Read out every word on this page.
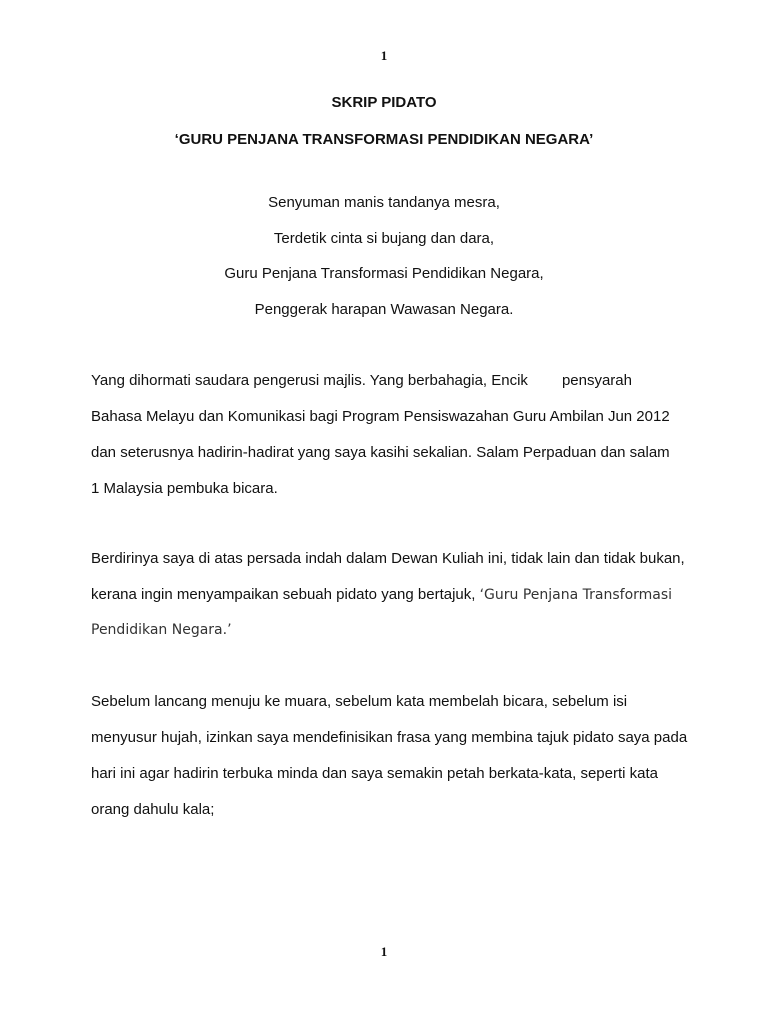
1
SKRIP PIDATO
‘GURU PENJANA TRANSFORMASI PENDIDIKAN NEGARA’
Senyuman manis tandanya mesra,
Terdetik cinta si bujang dan dara,
Guru Penjana Transformasi Pendidikan Negara,
Penggerak harapan Wawasan Negara.
Yang dihormati saudara pengerusi majlis. Yang berbahagia, Encik pensyarah
Bahasa Melayu dan Komunikasi bagi Program Pensiswazahan Guru Ambilan Jun 2012
dan seterusnya hadirin-hadirat yang saya kasihi sekalian. Salam Perpaduan dan salam
1 Malaysia pembuka bicara.
Berdirinya saya di atas persada indah dalam Dewan Kuliah ini, tidak lain dan tidak bukan,
kerana ingin menyampaikan sebuah pidato yang bertajuk, ‘Guru Penjana Transformasi
Pendidikan Negara.’
Sebelum lancang menuju ke muara, sebelum kata membelah bicara, sebelum isi
menyusur hujah, izinkan saya mendefinisikan frasa yang membina tajuk pidato saya pada
hari ini agar hadirin terbuka minda dan saya semakin petah berkata-kata, seperti kata
orang dahulu kala;
1
